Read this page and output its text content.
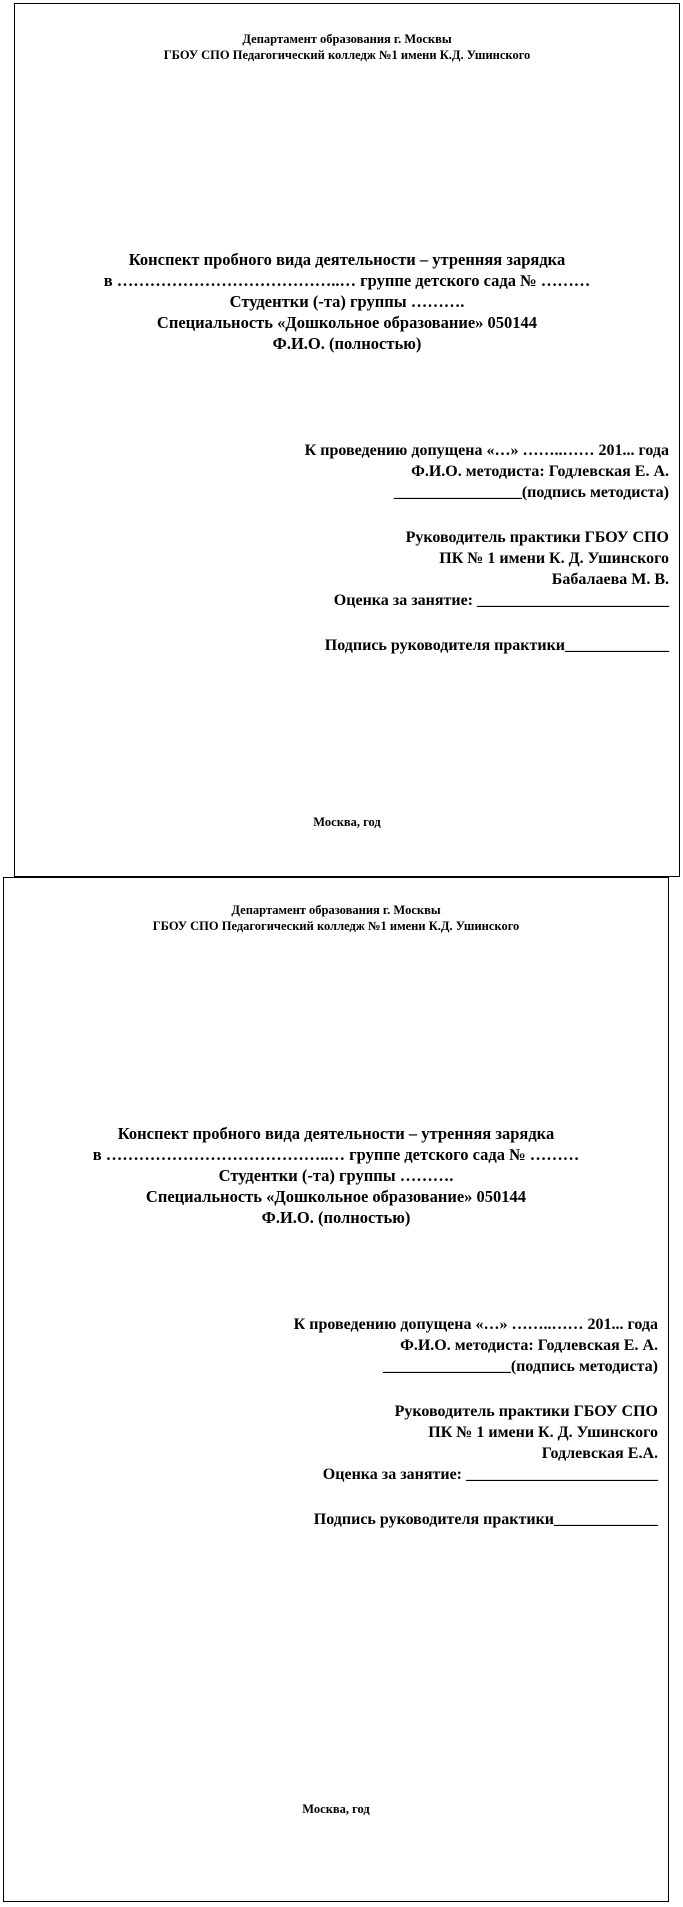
Департамент образования г. Москвы
ГБОУ СПО Педагогический колледж №1 имени К.Д. Ушинского
Конспект пробного вида деятельности – утренняя зарядка
в …………………………………..… группе детского сада № ………
Студентки (-та) группы ……….
Специальность «Дошкольное образование» 050144
Ф.И.О. (полностью)
К проведению допущена «…» ……..…… 201... года
Ф.И.О. методиста: Годлевская Е. А.
________________(подпись методиста)
Руководитель практики ГБОУ СПО
ПК № 1 имени К. Д. Ушинского
Бабалаева М. В.
Оценка за занятие: ________________________
Подпись руководителя практики_____________
Москва, год
Департамент образования г. Москвы
ГБОУ СПО Педагогический колледж №1 имени К.Д. Ушинского
Конспект пробного вида деятельности – утренняя зарядка
в …………………………………..… группе детского сада № ………
Студентки (-та) группы ……….
Специальность «Дошкольное образование» 050144
Ф.И.О. (полностью)
К проведению допущена «…» ……..…… 201... года
Ф.И.О. методиста: Годлевская Е. А.
________________(подпись методиста)
Руководитель практики ГБОУ СПО
ПК № 1 имени К. Д. Ушинского
Годлевская Е.А.
Оценка за занятие: ________________________
Подпись руководителя практики_____________
Москва, год
